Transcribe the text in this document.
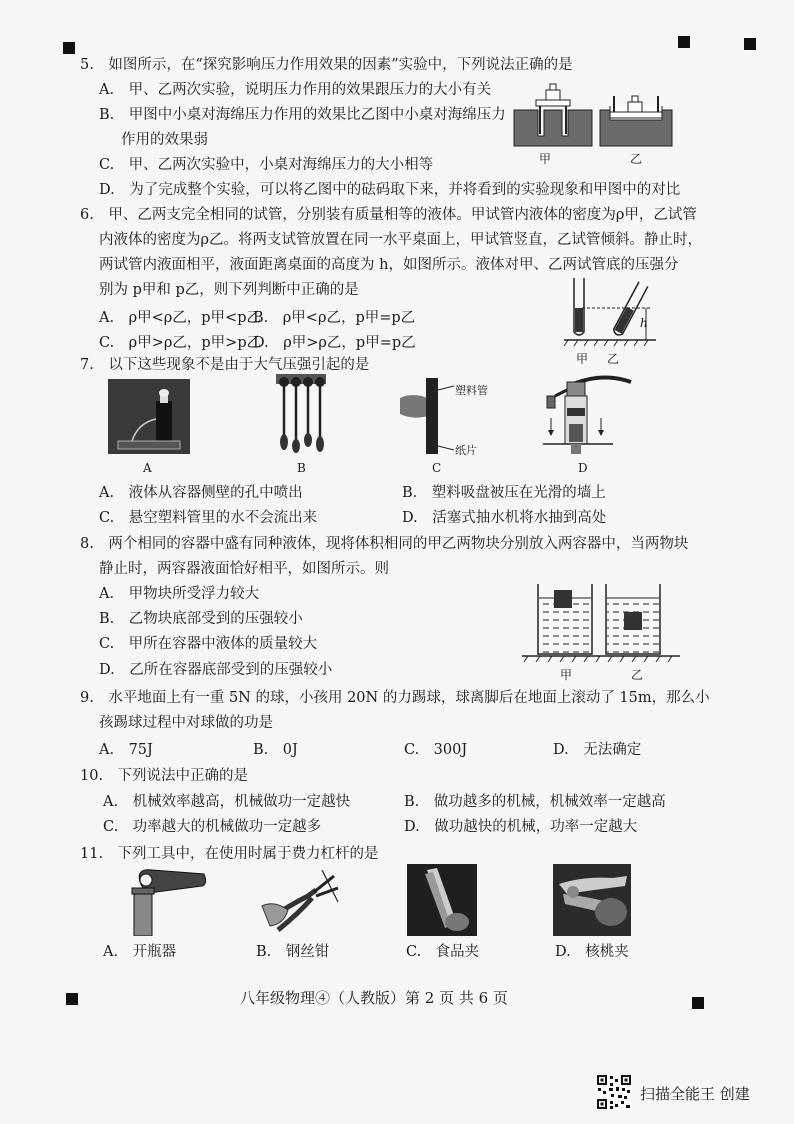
5.　如图所示，在“探究影响压力作用效果的因素”实验中，下列说法正确的是
A.　甲、乙两次实验，说明压力作用的效果跟压力的大小有关
B.　甲图中小桌对海绵压力作用的效果比乙图中小桌对海绵压力
作用的效果弱
C.　甲、乙两次实验中，小桌对海绵压力的大小相等
D.　为了完成整个实验，可以将乙图中的砝码取下来，并将看到的实验现象和甲图中的对比
甲	乙
6.　甲、乙两支完全相同的试管，分别装有质量相等的液体。甲试管内液体的密度为ρ甲，乙试管
内液体的密度为ρ乙。将两支试管放置在同一水平桌面上，甲试管竖直，乙试管倾斜。静止时，
两试管内液面相平，液面距离桌面的高度为 h，如图所示。液体对甲、乙两试管底的压强分
别为 p甲和 p乙，则下列判断中正确的是
A.　ρ甲<ρ乙，p甲<p乙
B.　ρ甲<ρ乙，p甲=p乙
C.　ρ甲>ρ乙，p甲>p乙
D.　ρ甲>ρ乙，p甲=p乙
h
甲 乙
7.　以下这些现象不是由于大气压强引起的是
A	B
塑料管
纸片
C	D
A.　液体从容器侧壁的孔中喷出	B.　塑料吸盘被压在光滑的墙上
C.　悬空塑料管里的水不会流出来	D.　活塞式抽水机将水抽到高处
8.　两个相同的容器中盛有同种液体，现将体积相同的甲乙两物块分别放入两容器中，当两物块
静止时，两容器液面恰好相平，如图所示。则
A.　甲物块所受浮力较大
B.　乙物块底部受到的压强较小
C.　甲所在容器中液体的质量较大
D.　乙所在容器底部受到的压强较小	甲	乙
9.　水平地面上有一重 5N 的球，小孩用 20N 的力踢球，球离脚后在地面上滚动了 15m，那么小
孩踢球过程中对球做的功是
A.　75J	B.　0J	C.　300J	D.　无法确定
10.　下列说法中正确的是
A.　机械效率越高，机械做功一定越快	B.　做功越多的机械，机械效率一定越高
C.　功率越大的机械做功一定越多	D.　做功越快的机械，功率一定越大
11.　下列工具中，在使用时属于费力杠杆的是
A.　开瓶器	B.　钢丝钳	C.　食品夹	D.　核桃夹
八年级物理④（人教版）第 2 页 共 6 页
扫描全能王 创建
